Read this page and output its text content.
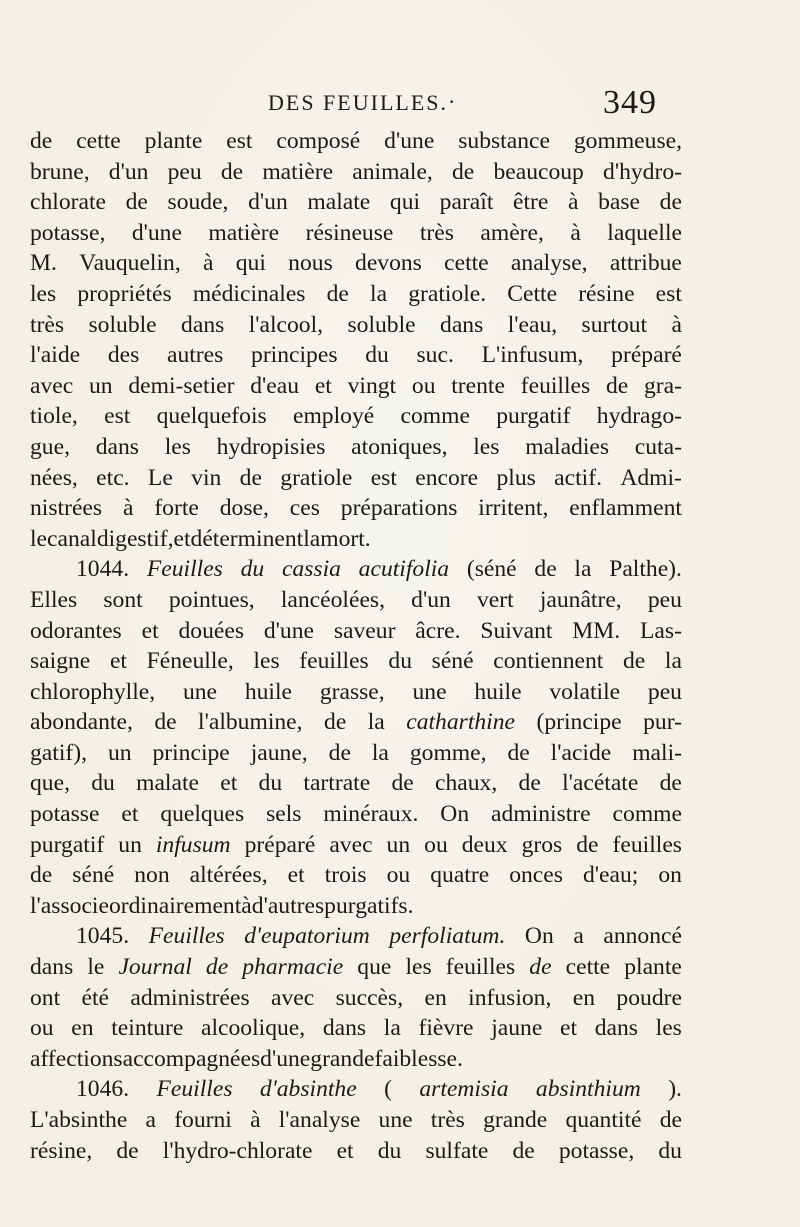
DES FEUILLES. ·	349
de cette plante est composé d'une substance gommeuse,
brune, d'un peu de matière animale, de beaucoup d'hydro-
chlorate de soude, d'un malate qui paraît être à base de
potasse, d'une matière résineuse très amère, à laquelle
M. Vauquelin, à qui nous devons cette analyse, attribue
les propriétés médicinales de la gratiole. Cette résine est
très soluble dans l'alcool, soluble dans l'eau, surtout à
l'aide des autres principes du suc. L'infusum, préparé
avec un demi-setier d'eau et vingt ou trente feuilles de gra-
tiole, est quelquefois employé comme purgatif hydrago-
gue, dans les hydropisies atoniques, les maladies cuta-
nées, etc. Le vin de gratiole est encore plus actif. Admi-
nistrées à forte dose, ces préparations irritent, enflamment
le canal digestif, et déterminent la mort.
1044. Feuilles du cassia acutifolia (séné de la Palthe).
Elles sont pointues, lancéolées, d'un vert jaunâtre, peu
odorantes et douées d'une saveur âcre. Suivant MM. Las-
saigne et Féneulle, les feuilles du séné contiennent de la
chlorophylle, une huile grasse, une huile volatile peu
abondante, de l'albumine, de la catharthine (principe pur-
gatif), un principe jaune, de la gomme, de l'acide mali-
que, du malate et du tartrate de chaux, de l'acétate de
potasse et quelques sels minéraux. On administre comme
purgatif un infusum préparé avec un ou deux gros de feuilles
de séné non altérées, et trois ou quatre onces d'eau; on
l'associe ordinairement à d'autres purgatifs.
1045. Feuilles d'eupatorium perfoliatum. On a annoncé
dans le Journal de pharmacie que les feuilles de cette plante
ont été administrées avec succès, en infusion, en poudre
ou en teinture alcoolique, dans la fièvre jaune et dans les
affections accompagnées d'une grande faiblesse.
1046. Feuilles d'absinthe ( artemisia absinthium ).
L'absinthe a fourni à l'analyse une très grande quantité de
résine, de l'hydro-chlorate et du sulfate de potasse, du
